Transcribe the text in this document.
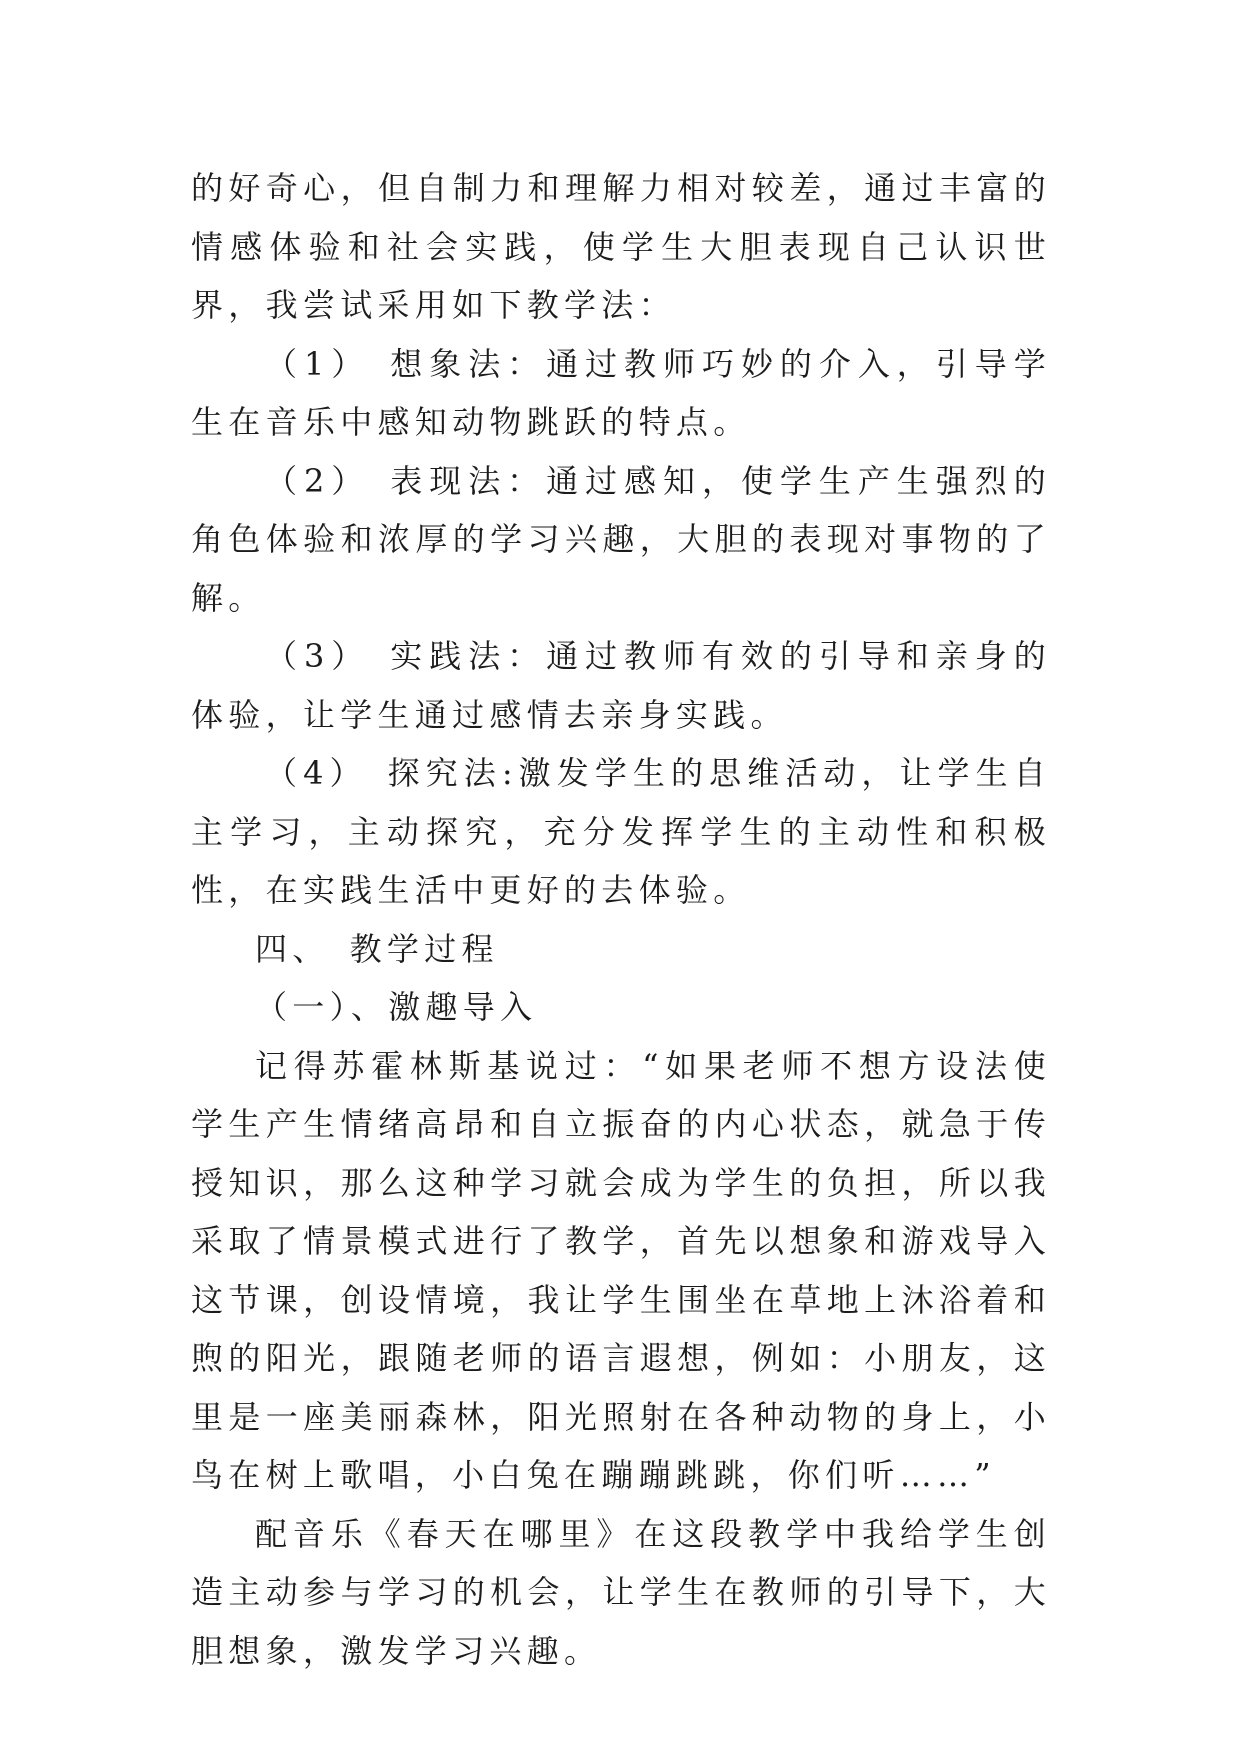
的好奇心，但自制力和理解力相对较差，通过丰富的情感体验和社会实践，使学生大胆表现自己认识世界，我尝试采用如下教学法：

（1） 想象法：通过教师巧妙的介入，引导学生在音乐中感知动物跳跃的特点。

（2） 表现法：通过感知，使学生产生强烈的角色体验和浓厚的学习兴趣，大胆的表现对事物的了解。

（3） 实践法：通过教师有效的引导和亲身的体验，让学生通过感情去亲身实践。

（4） 探究法:激发学生的思维活动，让学生自主学习，主动探究，充分发挥学生的主动性和积极性，在实践生活中更好的去体验。

四、 教学过程

（一）、激趣导入

记得苏霍林斯基说过：“如果老师不想方设法使学生产生情绪高昂和自立振奋的内心状态，就急于传授知识，那么这种学习就会成为学生的负担，所以我采取了情景模式进行了教学，首先以想象和游戏导入这节课，创设情境，我让学生围坐在草地上沐浴着和煦的阳光，跟随老师的语言遐想，例如：小朋友，这里是一座美丽森林，阳光照射在各种动物的身上，小鸟在树上歌唱，小白兔在蹦蹦跳跳，你们听……”

配音乐《春天在哪里》在这段教学中我给学生创造主动参与学习的机会，让学生在教师的引导下，大胆想象，激发学习兴趣。
